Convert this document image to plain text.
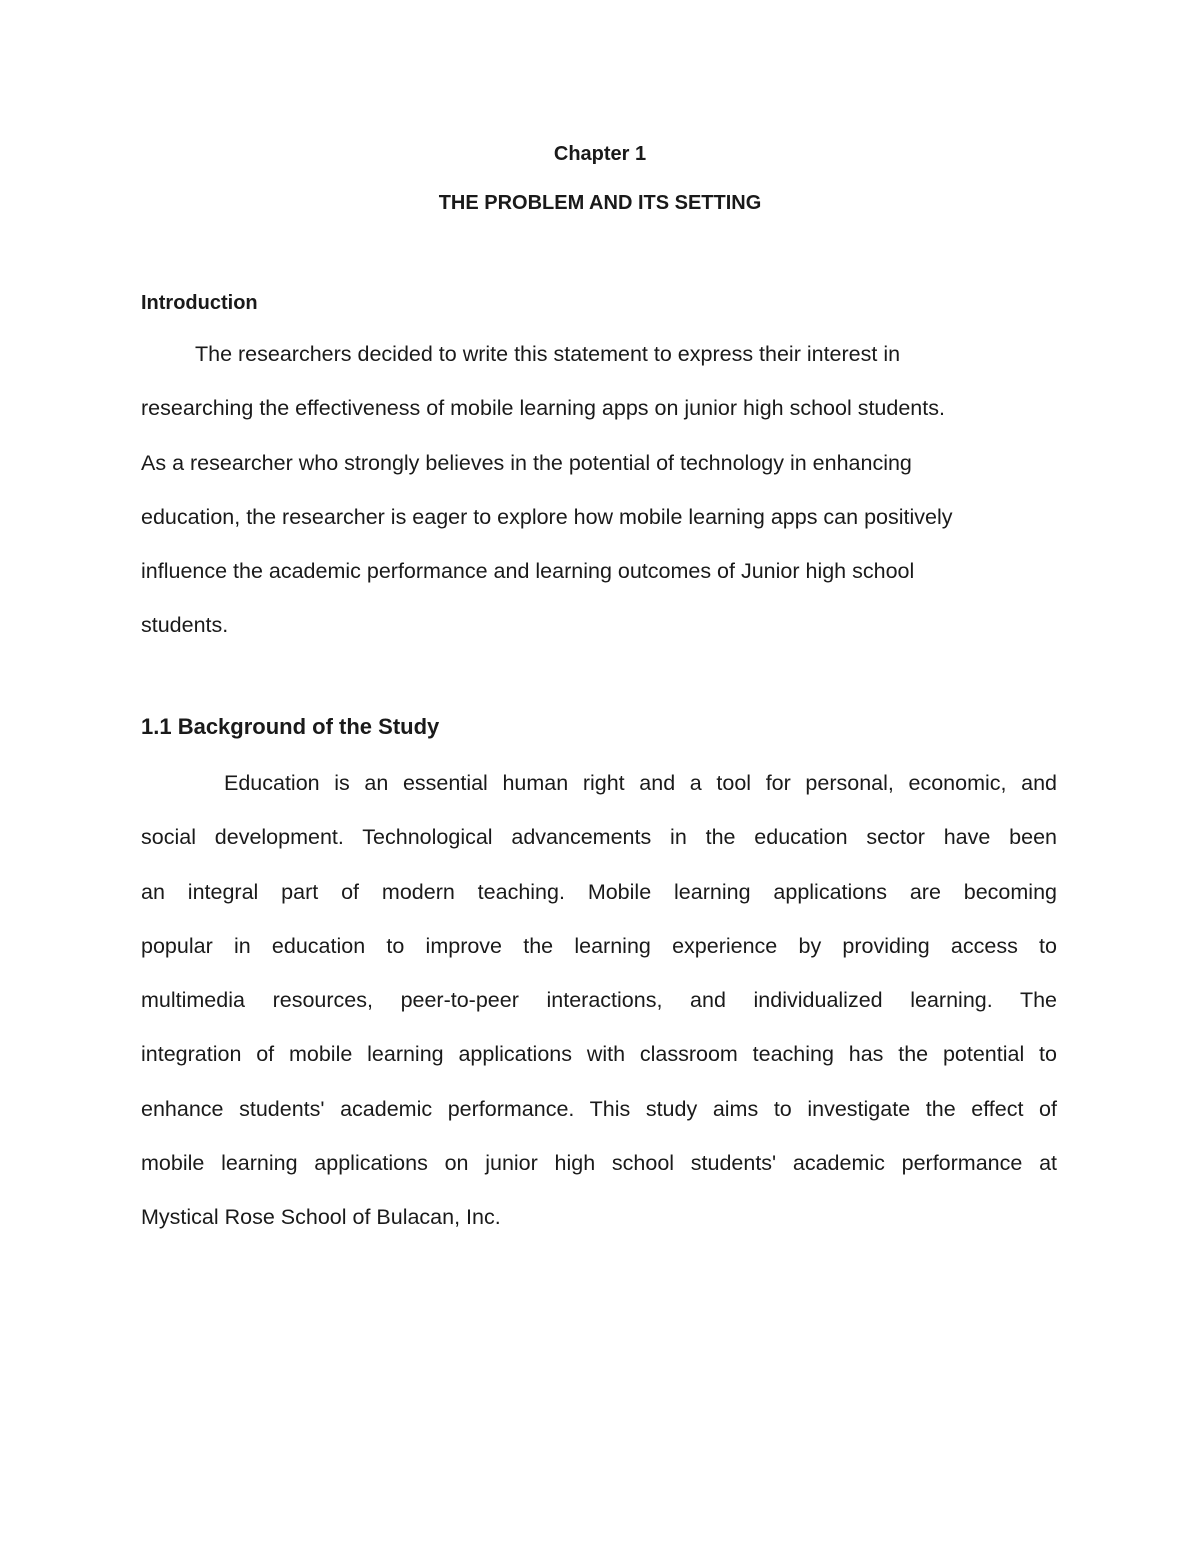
Chapter 1
THE PROBLEM AND ITS SETTING
Introduction

The researchers decided to write this statement to express their interest in
researching the effectiveness of mobile learning apps on junior high school students.
As a researcher who strongly believes in the potential of technology in enhancing
education, the researcher is eager to explore how mobile learning apps can positively
influence the academic performance and learning outcomes of Junior high school
students.

1.1 Background of the Study

Education is an essential human right and a tool for personal, economic, and
social development. Technological advancements in the education sector have been
an integral part of modern teaching. Mobile learning applications are becoming
popular in education to improve the learning experience by providing access to
multimedia resources, peer-to-peer interactions, and individualized learning. The
integration of mobile learning applications with classroom teaching has the potential to
enhance students' academic performance. This study aims to investigate the effect of
mobile learning applications on junior high school students' academic performance at
Mystical Rose School of Bulacan, Inc.
